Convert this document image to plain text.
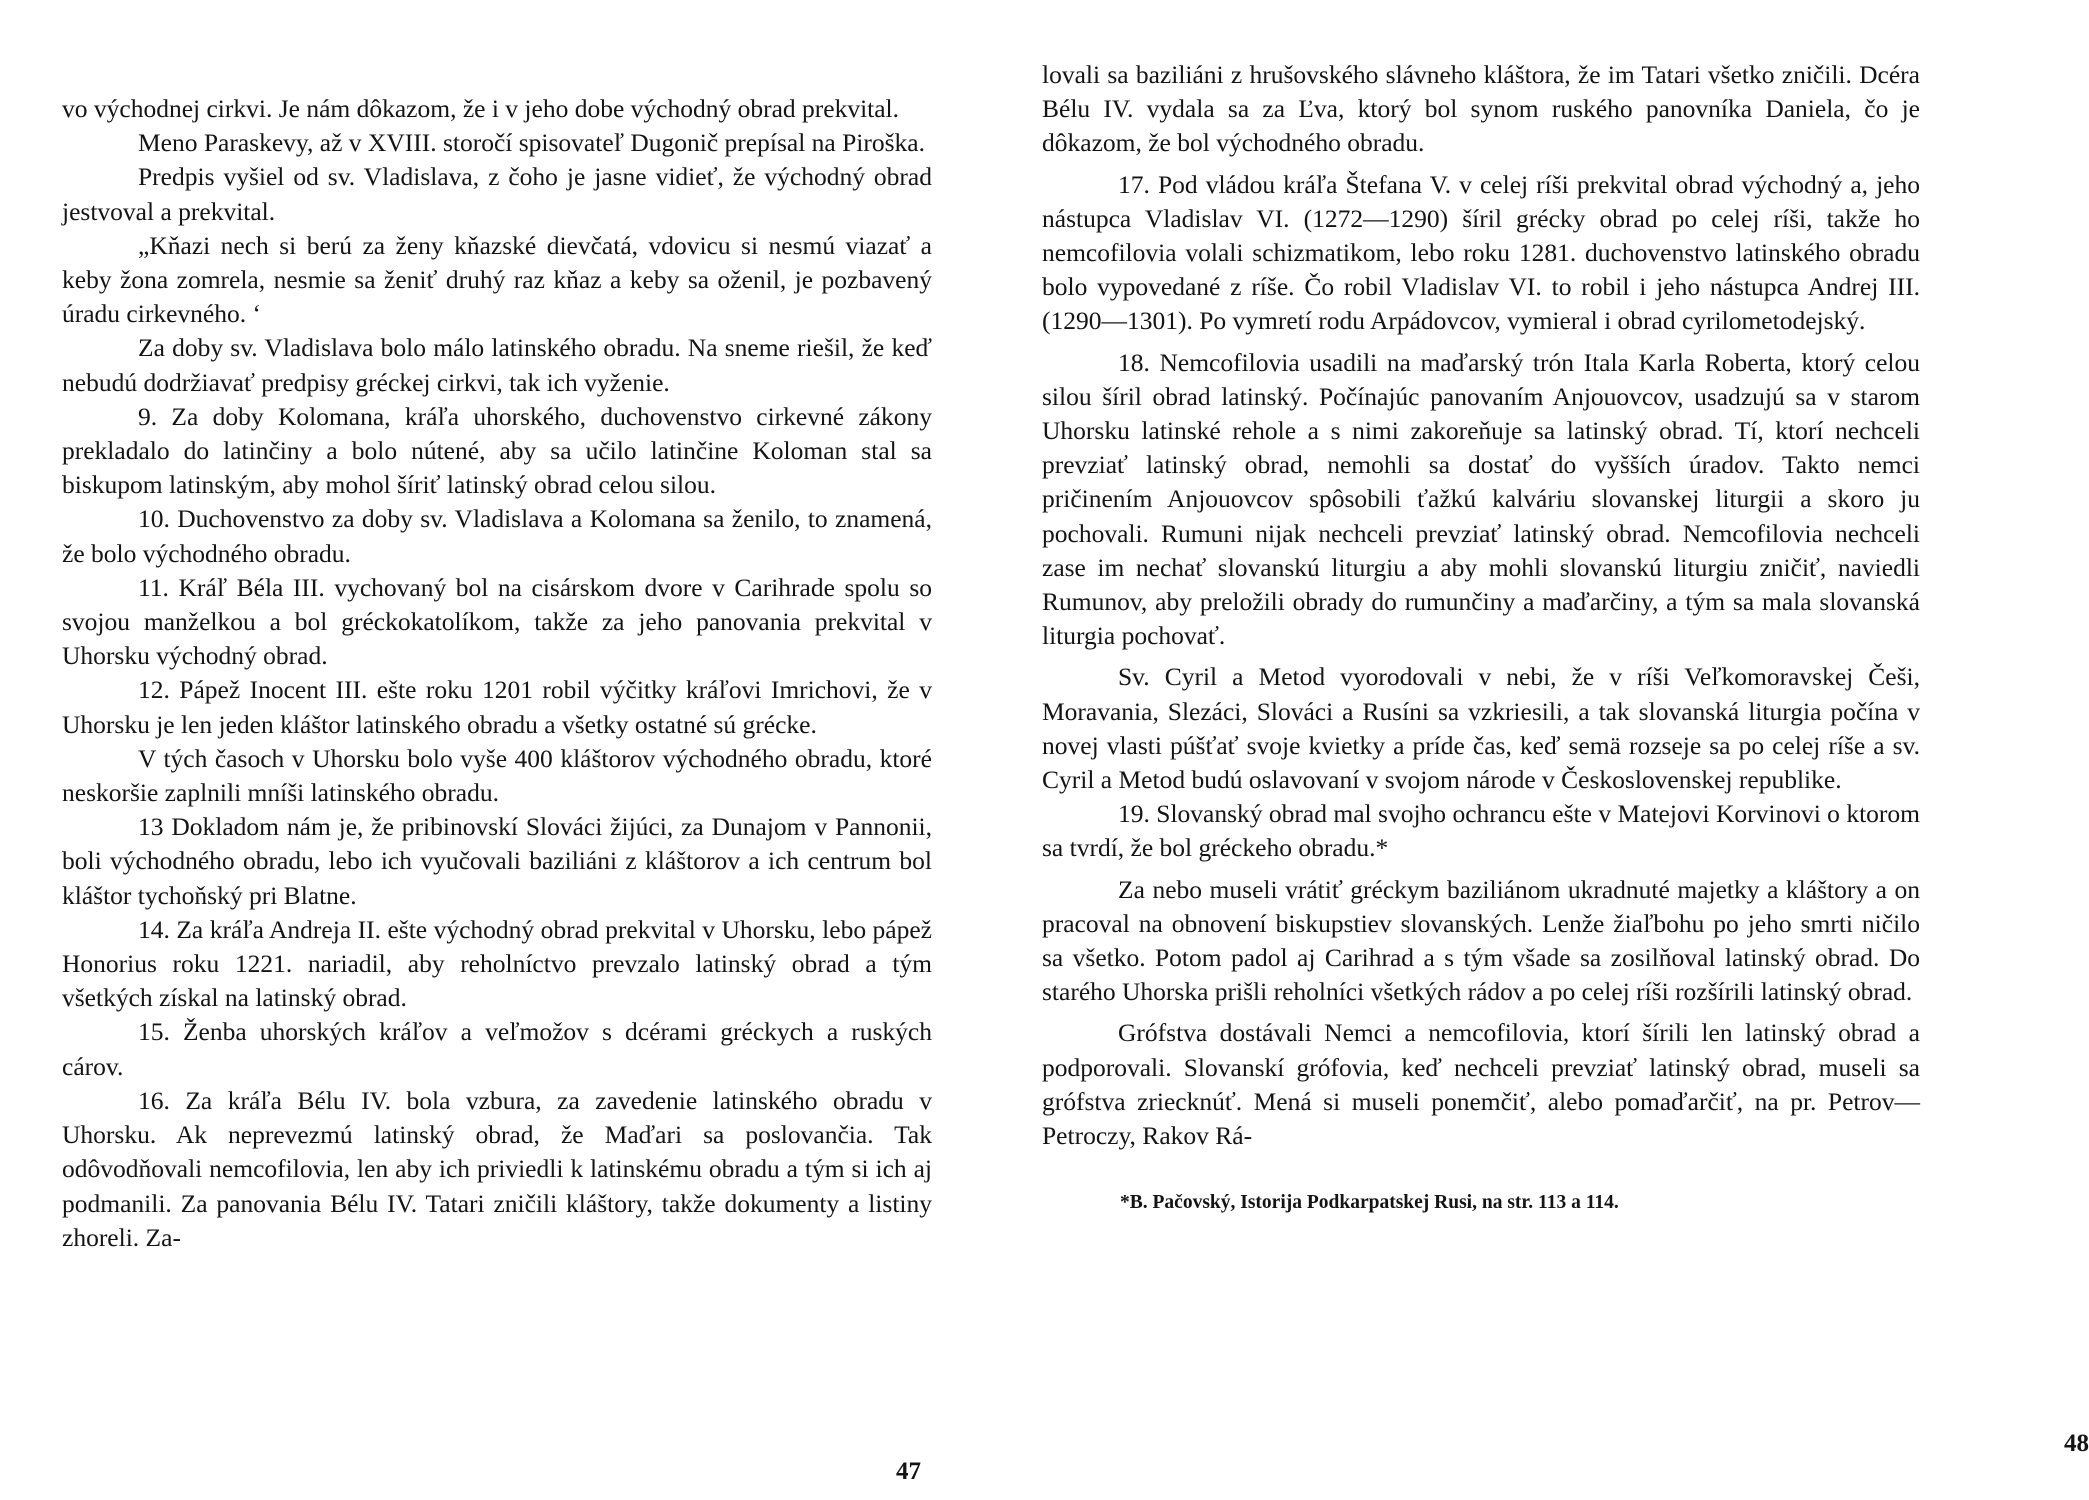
vo východnej cirkvi. Je nám dôkazom, že i v jeho dobe východný obrad prekvital.

Meno Paraskevy, až v XVIII. storočí spisovateľ Dugonič prepísal na Piroška.

Predpis vyšiel od sv. Vladislava, z čoho je jasne vidieť, že východný obrad jestvoval a prekvital.

„Kňazi nech si berú za ženy kňazské dievčatá, vdovicu si nesmú viazať a keby žona zomrela, nesmie sa ženiť druhý raz kňaz a keby sa oženil, je pozbavený úradu cirkevného. ‘

Za doby sv. Vladislava bolo málo latinského obradu. Na sneme riešil, že keď nebudú dodržiavať predpisy gréckej cirkvi, tak ich vyženie.

9. Za doby Kolomana, kráľa uhorského, duchovenstvo cirkevné zákony prekladalo do latinčiny a bolo nútené, aby sa učilo latinčine Koloman stal sa biskupom latinským, aby mohol šíriť latinský obrad celou silou.

10. Duchovenstvo za doby sv. Vladislava a Kolomana sa ženilo, to znamená, že bolo východného obradu.

11. Kráľ Béla III. vychovaný bol na cisárskom dvore v Carihrade spolu so svojou manželkou a bol gréckokatolíkom, takže za jeho panovania prekvital v Uhorsku východný obrad.

12. Pápež Inocent III. ešte roku 1201 robil výčitky kráľovi Imrichovi, že v Uhorsku je len jeden kláštor latinského obradu a všetky ostatné sú grécke.

V tých časoch v Uhorsku bolo vyše 400 kláštorov východného obradu, ktoré neskoršie zaplnili mníši latinského obradu.

13 Dokladom nám je, že pribinovskí Slováci žijúci, za Dunajom v Pannonii, boli východného obradu, lebo ich vyučovali baziliáni z kláštorov a ich centrum bol kláštor tychoňský pri Blatne.

14. Za kráľa Andreja II. ešte východný obrad prekvital v Uhorsku, lebo pápež Honorius roku 1221. nariadil, aby reholníctvo prevzalo latinský obrad a tým všetkých získal na latinský obrad.

15. Ženba uhorských kráľov a veľmožov s dcérami gréckych a ruských cárov.

16. Za kráľa Bélu IV. bola vzbura, za zavedenie latinského obradu v Uhorsku. Ak neprevezmú latinský obrad, že Maďari sa poslovančia. Tak odôvodňovali nemcofilovia, len aby ich priviedli k latinskému obradu a tým si ich aj podmanili. Za panovania Bélu IV. Tatari zničili kláštory, takže dokumenty a listiny zhoreli. Za-

47

lovali sa baziliáni z hrušovského slávneho kláštora, že im Tatari všetko zničili. Dcéra Bélu IV. vydala sa za Ľva, ktorý bol synom ruského panovníka Daniela, čo je dôkazom, že bol východného obradu.

17. Pod vládou kráľa Štefana V. v celej ríši prekvital obrad východný a, jeho nástupca Vladislav VI. (1272—1290) šíril grécky obrad po celej ríši, takže ho nemcofilovia volali schizmatikom, lebo roku 1281. duchovenstvo latinského obradu bolo vypovedané z ríše. Čo robil Vladislav VI. to robil i jeho nástupca Andrej III. (1290—1301). Po vymretí rodu Arpádovcov, vymieral i obrad cyrilometodejský.

18. Nemcofilovia usadili na maďarský trón Itala Karla Roberta, ktorý celou silou šíril obrad latinský. Počínajúc panovaním Anjouovcov, usadzujú sa v starom Uhorsku latinské rehole a s nimi zakoreňuje sa latinský obrad. Tí, ktorí nechceli prevziať latinský obrad, nemohli sa dostať do vyšších úradov. Takto nemci pričinením Anjouovcov spôsobili ťažkú kalváriu slovanskej liturgii a skoro ju pochovali. Rumuni nijak nechceli prevziať latinský obrad. Nemcofilovia nechceli zase im nechať slovanskú liturgiu a aby mohli slovanskú liturgiu zničiť, naviedli Rumunov, aby preložili obrady do rumunčiny a maďarčiny, a tým sa mala slovanská liturgia pochovať.

Sv. Cyril a Metod vyorodovali v nebi, že v ríši Veľkomoravskej Češi, Moravania, Slezáci, Slováci a Rusíni sa vzkriesili, a tak slovanská liturgia počína v novej vlasti púšťať svoje kvietky a príde čas, keď semä rozseje sa po celej ríše a sv. Cyril a Metod budú oslavovaní v svojom národe v Československej republike.

19. Slovanský obrad mal svojho ochrancu ešte v Matejovi Korvinovi o ktorom sa tvrdí, že bol gréckeho obradu.*

Za nebo museli vrátiť gréckym baziliánom ukradnuté majetky a kláštory a on pracoval na obnovení biskupstiev slovanských. Lenže žiaľbohu po jeho smrti ničilo sa všetko. Potom padol aj Carihrad a s tým všade sa zosilňoval latinský obrad. Do starého Uhorska prišli reholníci všetkých rádov a po celej ríši rozšírili latinský obrad.

Grófstva dostávali Nemci a nemcofilovia, ktorí šírili len latinský obrad a podporovali. Slovanskí grófovia, keď nechceli prevziať latinský obrad, museli sa grófstva zriecknúť. Mená si museli ponemčiť, alebo pomaďarčiť, na pr. Petrov—Petroczy, Rakov Rá-

*B. Pačovský, Istorija Podkarpatskej Rusi, na str. 113 a 114.

48
